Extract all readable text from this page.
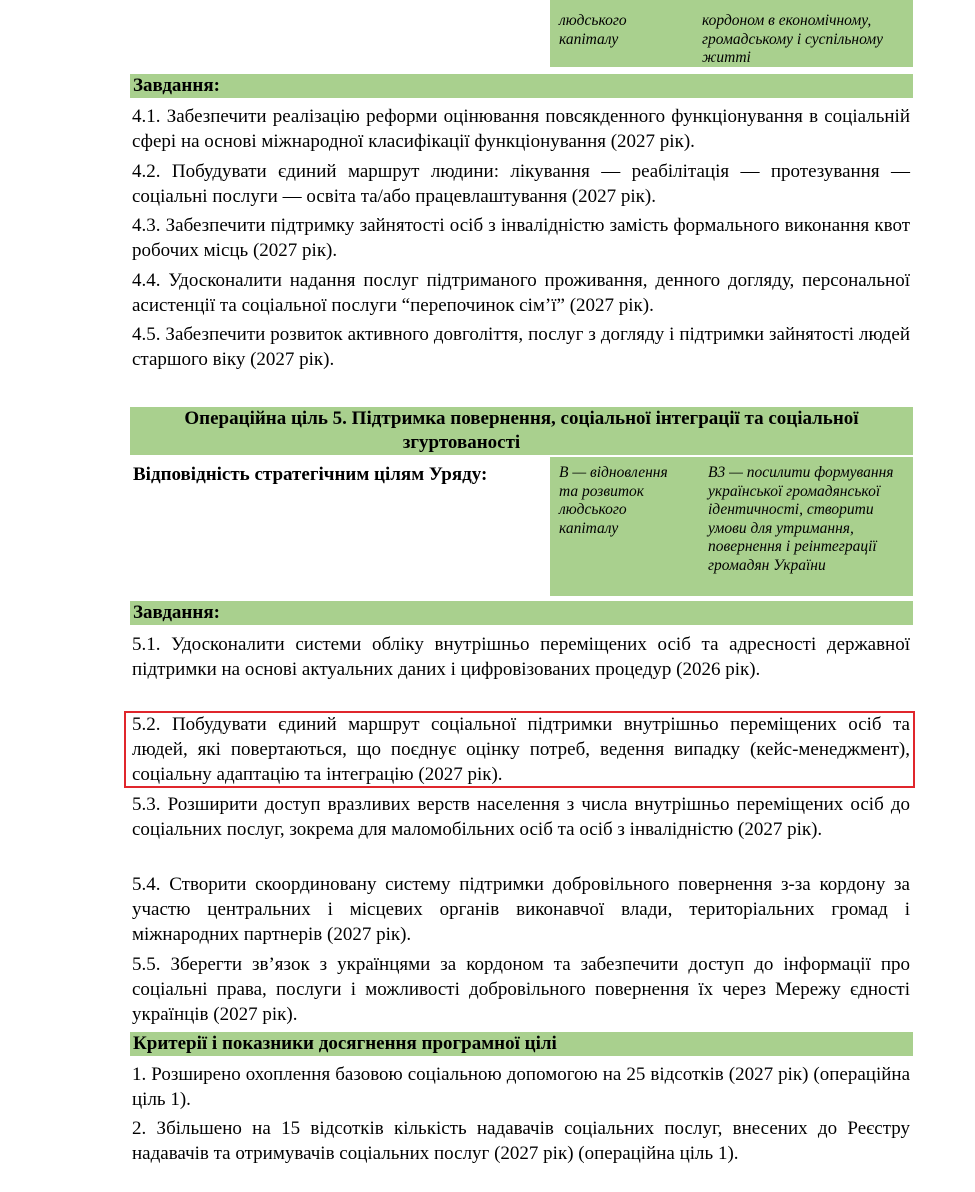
людського капіталу
кордоном в економічному, громадському і суспільному житті
Завдання:

4.1. Забезпечити реалізацію реформи оцінювання повсякденного функціонування в соціальній сфері на основі міжнародної класифікації функціонування (2027 рік).

4.2. Побудувати єдиний маршрут людини: лікування — реабілітація — протезування — соціальні послуги — освіта та/або працевлаштування (2027 рік).

4.3. Забезпечити підтримку зайнятості осіб з інвалідністю замість формального виконання квот робочих місць (2027 рік).

4.4. Удосконалити надання послуг підтриманого проживання, денного догляду, персональної асистенції та соціальної послуги “перепочинок сім’ї” (2027 рік).

4.5. Забезпечити розвиток активного довголіття, послуг з догляду і підтримки зайнятості людей старшого віку (2027 рік).

Операційна ціль 5. Підтримка повернення, соціальної інтеграції та соціальної
згуртованості
Відповідність стратегічним цілям Уряду:	В — відновлення та розвиток людського капіталу
В3 — посилити формування української громадянської ідентичності, створити умови для утримання, повернення і реінтеграції громадян України
Завдання:

5.1. Удосконалити системи обліку внутрішньо переміщених осіб та адресності державної підтримки на основі актуальних даних і цифровізованих процедур (2026 рік).

5.2. Побудувати єдиний маршрут соціальної підтримки внутрішньо переміщених осіб та людей, які повертаються, що поєднує оцінку потреб, ведення випадку (кейс-менеджмент), соціальну адаптацію та інтеграцію (2027 рік).

5.3. Розширити доступ вразливих верств населення з числа внутрішньо переміщених осіб до соціальних послуг, зокрема для маломобільних осіб та осіб з інвалідністю (2027 рік).

5.4. Створити скоординовану систему підтримки добровільного повернення з-за кордону за участю центральних і місцевих органів виконавчої влади, територіальних громад і міжнародних партнерів (2027 рік).

5.5. Зберегти зв’язок з українцями за кордоном та забезпечити доступ до інформації про соціальні права, послуги і можливості добровільного повернення їх через Мережу єдності українців (2027 рік).

Критерії і показники досягнення програмної цілі

1. Розширено охоплення базовою соціальною допомогою на 25 відсотків (2027 рік) (операційна ціль 1).

2. Збільшено на 15 відсотків кількість надавачів соціальних послуг, внесених до Реєстру надавачів та отримувачів соціальних послуг (2027 рік) (операційна ціль 1).
